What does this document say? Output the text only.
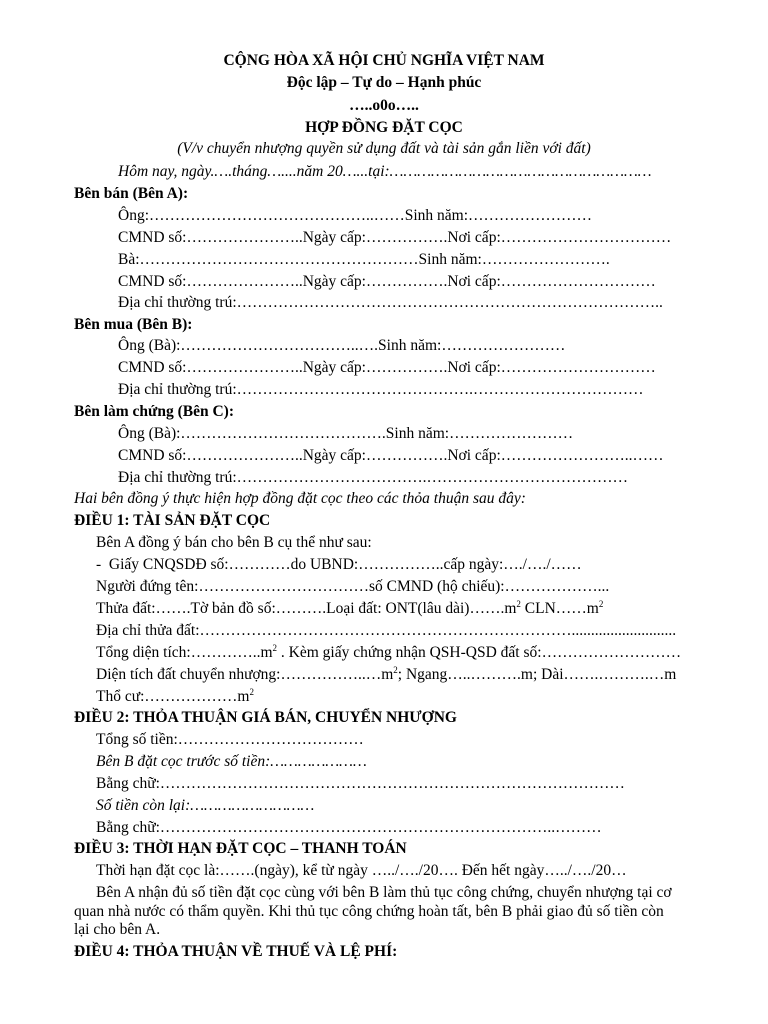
CỘNG HÒA XÃ HỘI CHỦ NGHĨA VIỆT NAM
Độc lập – Tự do – Hạnh phúc
…..o0o…..
HỢP ĐỒNG ĐẶT CỌC
(V/v chuyển nhượng quyền sử dụng đất và tài sản gắn liền với đất)
Hôm nay, ngày.….tháng…....năm 20…...tại:…………………………………………………
Bên bán (Bên A):
Ông:……………………………………..……Sinh năm:……………………
CMND số:…………………..Ngày cấp:…………….Nơi cấp:……………………………
Bà:………………………………………………Sinh năm:…………………….
CMND số:…………………..Ngày cấp:…………….Nơi cấp:…………………………
Địa chỉ thường trú:………………………………………………………………………..
Bên mua (Bên B):
Ông (Bà):……………………………..….Sinh năm:……………………
CMND số:…………………..Ngày cấp:…………….Nơi cấp:…………………………
Địa chỉ thường trú:……………………………………….……………………………
Bên làm chứng (Bên C):
Ông (Bà):………………………………….Sinh năm:……………………
CMND số:…………………..Ngày cấp:…………….Nơi cấp:……………………..……
Địa chỉ thường trú:……………………………….…………………………………
Hai bên đồng ý thực hiện hợp đồng đặt cọc theo các thỏa thuận sau đây:
ĐIỀU 1: TÀI SẢN ĐẶT CỌC
Bên A đồng ý bán cho bên B cụ thể như sau:
-  Giấy CNQSDĐ số:…………do UBND:……………..cấp ngày:…./…./……
Người đứng tên:……………………………số CMND (hộ chiếu):………………...
Thửa đất:…….Tờ bản đồ số:……….Loại đất: ONT(lâu $dài)\dots\dots.m^2$ $CLN\dots\dots m^2$
Địa chỉ thửa đất:………………………………………………………………...........................
Tổng diện $tích:\dots\dots\dots\dots..m^2$ . Kèm giấy chứng nhận QSH-QSD đất số:………………………
Diện tích đất chuyển $nhượng:\dots\dots\dots\dots\dots..\dots m^2$; Ngang…..……….m; Dài…….……….…m
Thổ $cư:\dots\dots\dots\dots\dots\dots m^2$
ĐIỀU 2: THỎA THUẬN GIÁ BÁN, CHUYỂN NHƯỢNG
Tổng số tiền:………………………………
Bên B đặt cọc trước số tiền:…………………
Bằng chữ:………………………………………………………………………………
Số tiền còn lại:………………………
Bằng chữ:…………………………………………………………………..………
ĐIỀU 3: THỜI HẠN ĐẶT CỌC – THANH TOÁN
Thời hạn đặt cọc là:…….(ngày), kể từ ngày …../…./20…. Đến hết ngày…../…./20…
Bên A nhận đủ số tiền đặt cọc cùng với bên B làm thủ tục công chứng, chuyển nhượng tại cơ
quan nhà nước có thẩm quyền. Khi thủ tục công chứng hoàn tất, bên B phải giao đủ số tiền còn
lại cho bên A.
ĐIỀU 4: THỎA THUẬN VỀ THUẾ VÀ LỆ PHÍ:
